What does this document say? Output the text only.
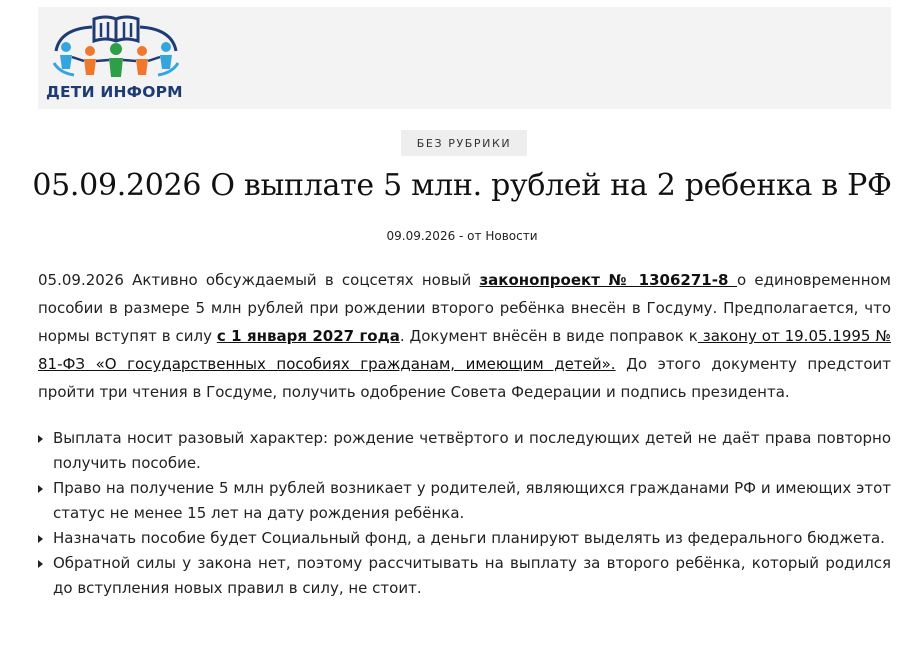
ДЕТИ ИНФОРМ
БЕЗ РУБРИКИ
05.09.2026 О выплате 5 млн. рублей на 2 ребенка в РФ
09.09.2026 - от Новости

05.09.2026 Активно обсуждаемый в соцсетях новый законопроект № 1306271-8 о единовременном пособии в размере 5 млн рублей при рождении второго ребёнка внесён в Госдуму. Предполагается, что нормы вступят в силу с 1 января 2027 года. Документ внёсён в виде поправок к закону от 19.05.1995 № 81-ФЗ «О государственных пособиях гражданам, имеющим детей». До этого документу предстоит пройти три чтения в Госдуме, получить одобрение Совета Федерации и подпись президента.

Выплата носит разовый характер: рождение четвёртого и последующих детей не даёт права повторно получить пособие.
Право на получение 5 млн рублей возникает у родителей, являющихся гражданами РФ и имеющих этот статус не менее 15 лет на дату рождения ребёнка.
Назначать пособие будет Социальный фонд, а деньги планируют выделять из федерального бюджета.
Обратной силы у закона нет, поэтому рассчитывать на выплату за второго ребёнка, который родился до вступления новых правил в силу, не стоит.
